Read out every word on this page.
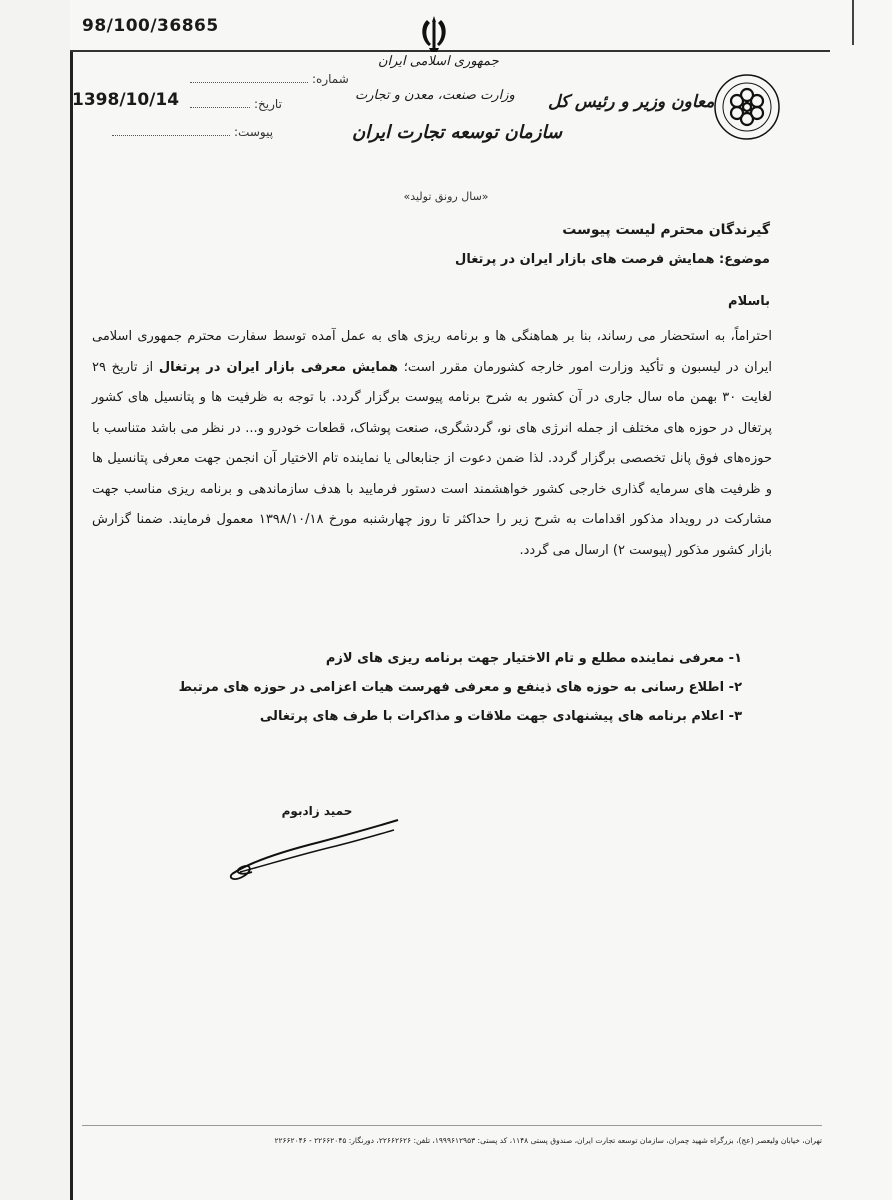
98/100/36865
شماره:
1398/10/14	تاریخ:
پیوست:
جمهوری اسلامی ایران
وزارت صنعت، معدن و تجارت
سازمان توسعه تجارت ایران
معاون وزیر و رئیس کل
«سال رونق تولید»
گیرندگان محترم لیست پیوست
موضوع: همایش فرصت های بازار ایران در پرتغال
باسلام
احتراماً، به استحضار می رساند، بنا بر هماهنگی ها و برنامه ریزی های به عمل آمده توسط سفارت محترم جمهوری اسلامی ایران در لیسبون و تأکید وزارت امور خارجه کشورمان مقرر است؛ همایش معرفی بازار ایران در پرتغال از تاریخ ۲۹ لغایت ۳۰ بهمن ماه سال جاری در آن کشور به شرح برنامه پیوست برگزار گردد. با توجه به ظرفیت ها و پتانسیل های کشور پرتغال در حوزه های مختلف از جمله انرژی های نو، گردشگری، صنعت پوشاک، قطعات خودرو و... در نظر می باشد متناسب با حوزه‌های فوق پانل تخصصی برگزار گردد. لذا ضمن دعوت از جنابعالی یا نماینده تام الاختیار آن انجمن جهت معرفی پتانسیل ها و ظرفیت های سرمایه گذاری خارجی کشور خواهشمند است دستور فرمایید با هدف سازماندهی و برنامه ریزی مناسب جهت مشارکت در رویداد مذکور اقدامات به شرح زیر را حداکثر تا روز چهارشنبه مورخ ۱۳۹۸/۱۰/۱۸ معمول فرمایند. ضمنا گزارش بازار کشور مذکور (پیوست ۲) ارسال می گردد.
۱- معرفی نماینده مطلع و تام الاختیار جهت برنامه ریزی های لازم
۲- اطلاع رسانی به حوزه های ذینفع و معرفی فهرست هیات اعزامی در حوزه های مرتبط
۳- اعلام برنامه های پیشنهادی جهت ملاقات و مذاکرات با طرف های پرتغالی
حمید زادبوم
تهران، خیابان ولیعصر (عج)، بزرگراه شهید چمران، سازمان توسعه تجارت ایران، صندوق پستی ۱۱۴۸، کد پستی: ۱۹۹۹۶۱۲۹۵۳، تلفن: ۲۲۶۶۲۶۲۶، دورنگار: ۲۲۶۶۲۰۴۵ - ۲۲۶۶۲۰۴۶
